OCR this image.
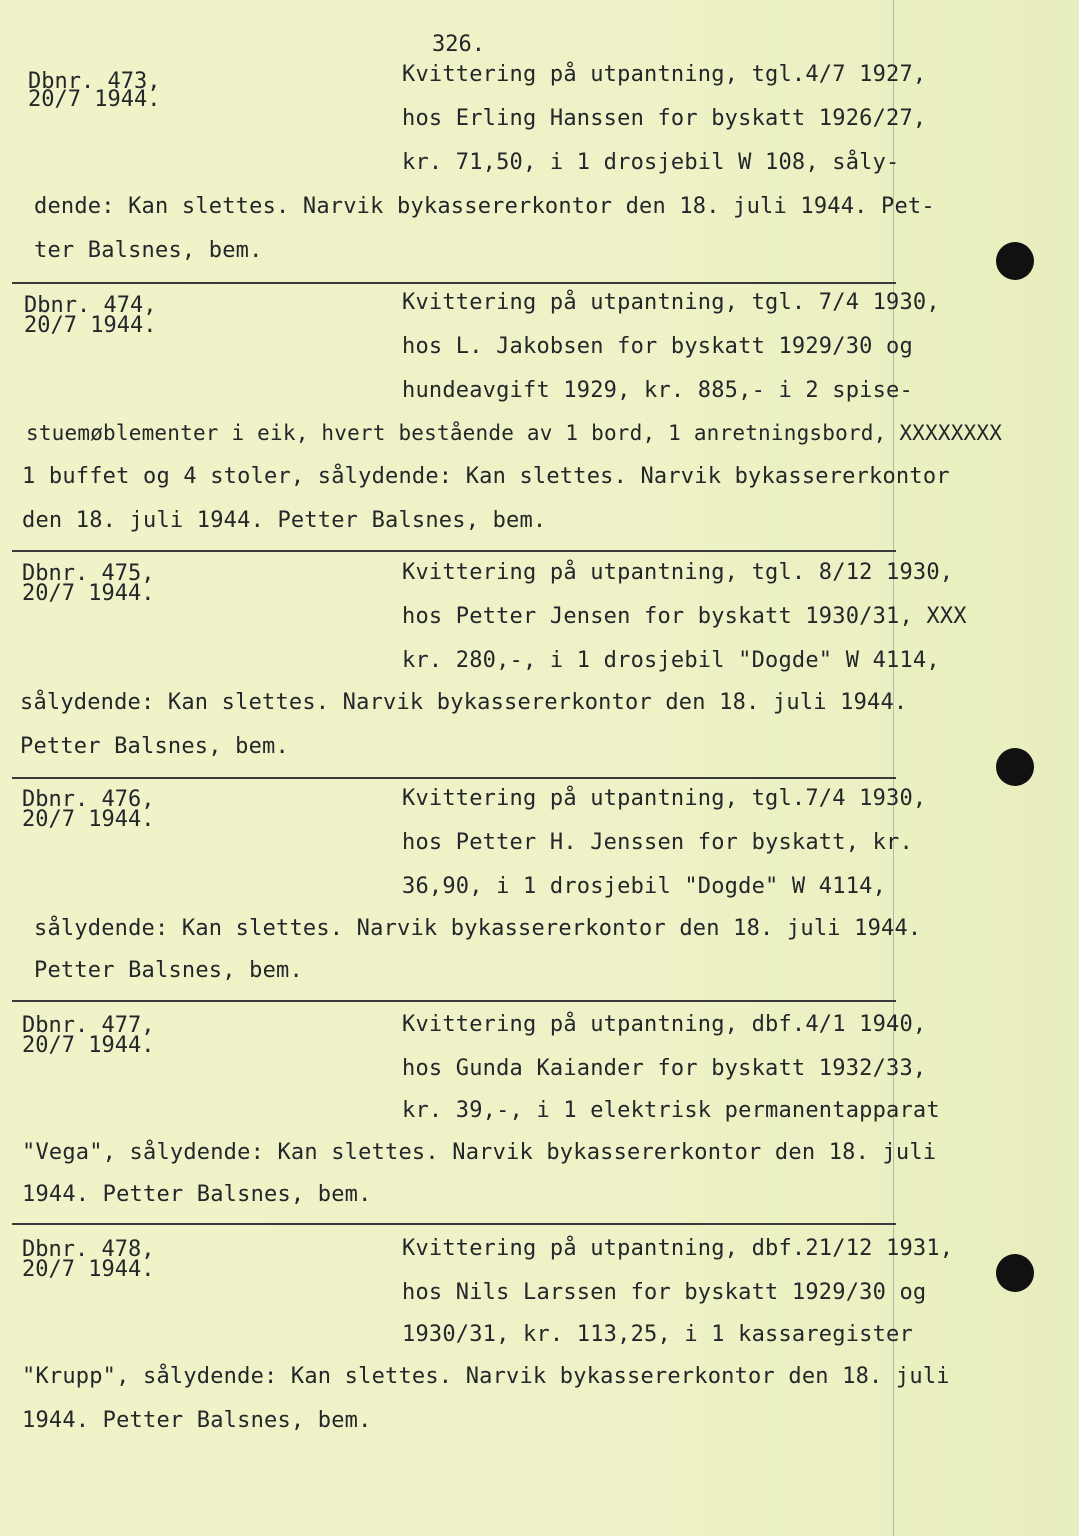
326.
Dbnr. 473,
20/7 1944.
Kvittering på utpantning, tgl.4/7 1927,
hos Erling Hanssen for byskatt 1926/27,
kr. 71,50, i 1 drosjebil W 108, såly-
dende: Kan slettes. Narvik bykassererkontor den 18. juli 1944. Pet-
ter Balsnes, bem.
Dbnr. 474,
20/7 1944.
Kvittering på utpantning, tgl. 7/4 1930,
hos L. Jakobsen for byskatt 1929/30 og
hundeavgift 1929, kr. 885,- i 2 spise-
stuemøblementer i eik, hvert bestående av 1 bord, 1 anretningsbord, XXXXXXXX
1 buffet og 4 stoler, sålydende: Kan slettes. Narvik bykassererkontor
den 18. juli 1944. Petter Balsnes, bem.
Dbnr. 475,
20/7 1944.
Kvittering på utpantning, tgl. 8/12 1930,
hos Petter Jensen for byskatt 1930/31, XXX
kr. 280,-, i 1 drosjebil "Dogde" W 4114,
sålydende: Kan slettes. Narvik bykassererkontor den 18. juli 1944.
Petter Balsnes, bem.
Dbnr. 476,
20/7 1944.
Kvittering på utpantning, tgl.7/4 1930,
hos Petter H. Jenssen for byskatt, kr.
36,90, i 1 drosjebil "Dogde" W 4114,
sålydende: Kan slettes. Narvik bykassererkontor den 18. juli 1944.
Petter Balsnes, bem.
Dbnr. 477,
20/7 1944.
Kvittering på utpantning, dbf.4/1 1940,
hos Gunda Kaiander for byskatt 1932/33,
kr. 39,-, i 1 elektrisk permanentapparat
"Vega", sålydende: Kan slettes. Narvik bykassererkontor den 18. juli
1944. Petter Balsnes, bem.
Dbnr. 478,
20/7 1944.
Kvittering på utpantning, dbf.21/12 1931,
hos Nils Larssen for byskatt 1929/30 og
1930/31, kr. 113,25, i 1 kassaregister
"Krupp", sålydende: Kan slettes. Narvik bykassererkontor den 18. juli
1944. Petter Balsnes, bem.
